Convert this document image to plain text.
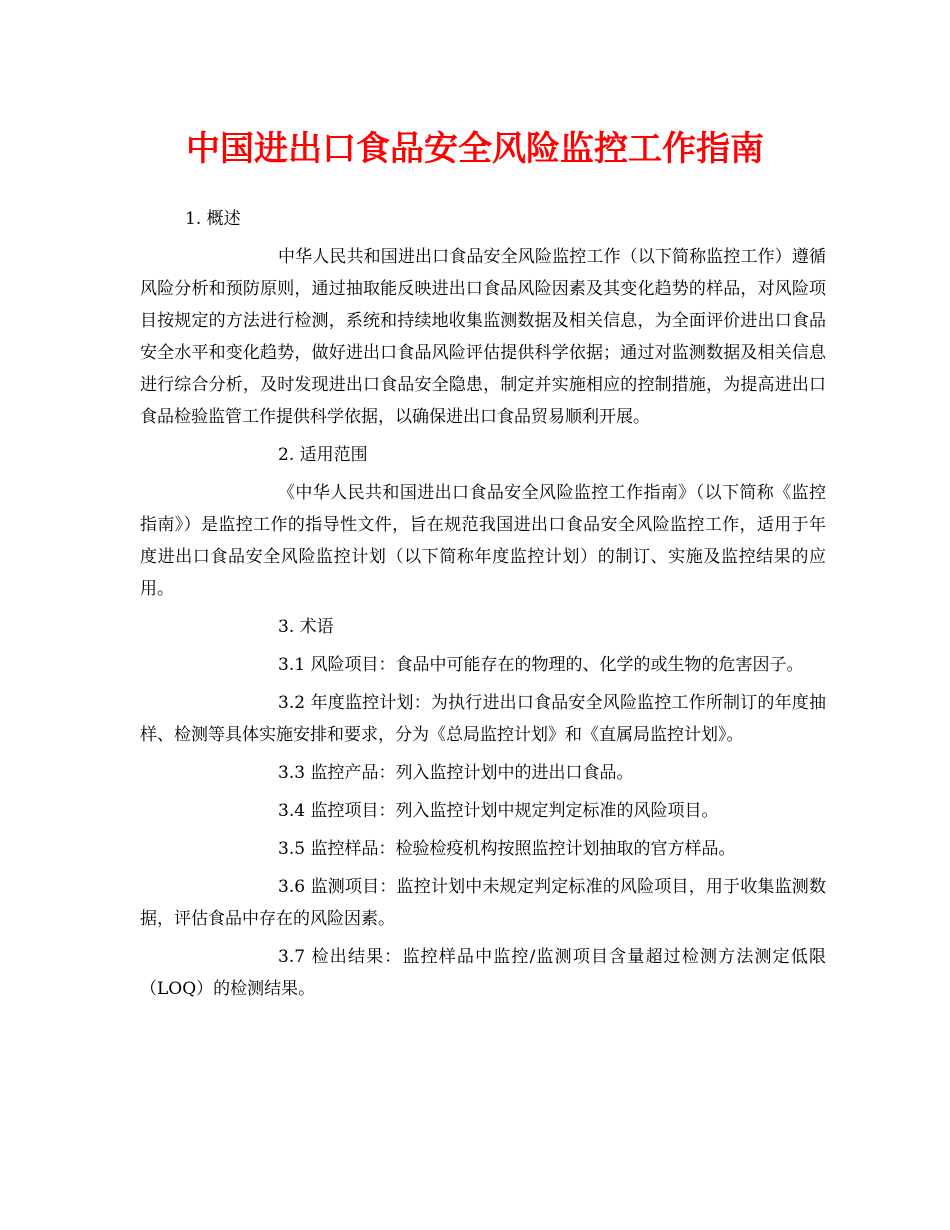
中国进出口食品安全风险监控工作指南

1. 概述

中华人民共和国进出口食品安全风险监控工作（以下简称监控工作）遵循风险分析和预防原则，通过抽取能反映进出口食品风险因素及其变化趋势的样品，对风险项目按规定的方法进行检测，系统和持续地收集监测数据及相关信息，为全面评价进出口食品安全水平和变化趋势，做好进出口食品风险评估提供科学依据；通过对监测数据及相关信息进行综合分析，及时发现进出口食品安全隐患，制定并实施相应的控制措施，为提高进出口食品检验监管工作提供科学依据，以确保进出口食品贸易顺利开展。

2. 适用范围

《中华人民共和国进出口食品安全风险监控工作指南》（以下简称《监控指南》）是监控工作的指导性文件，旨在规范我国进出口食品安全风险监控工作，适用于年度进出口食品安全风险监控计划（以下简称年度监控计划）的制订、实施及监控结果的应用。

3. 术语

3.1 风险项目：食品中可能存在的物理的、化学的或生物的危害因子。

3.2 年度监控计划：为执行进出口食品安全风险监控工作所制订的年度抽样、检测等具体实施安排和要求，分为《总局监控计划》和《直属局监控计划》。

3.3 监控产品：列入监控计划中的进出口食品。

3.4 监控项目：列入监控计划中规定判定标准的风险项目。

3.5 监控样品：检验检疫机构按照监控计划抽取的官方样品。

3.6 监测项目：监控计划中未规定判定标准的风险项目，用于收集监测数据，评估食品中存在的风险因素。

3.7 检出结果：监控样品中监控/监测项目含量超过检测方法测定低限（LOQ）的检测结果。
